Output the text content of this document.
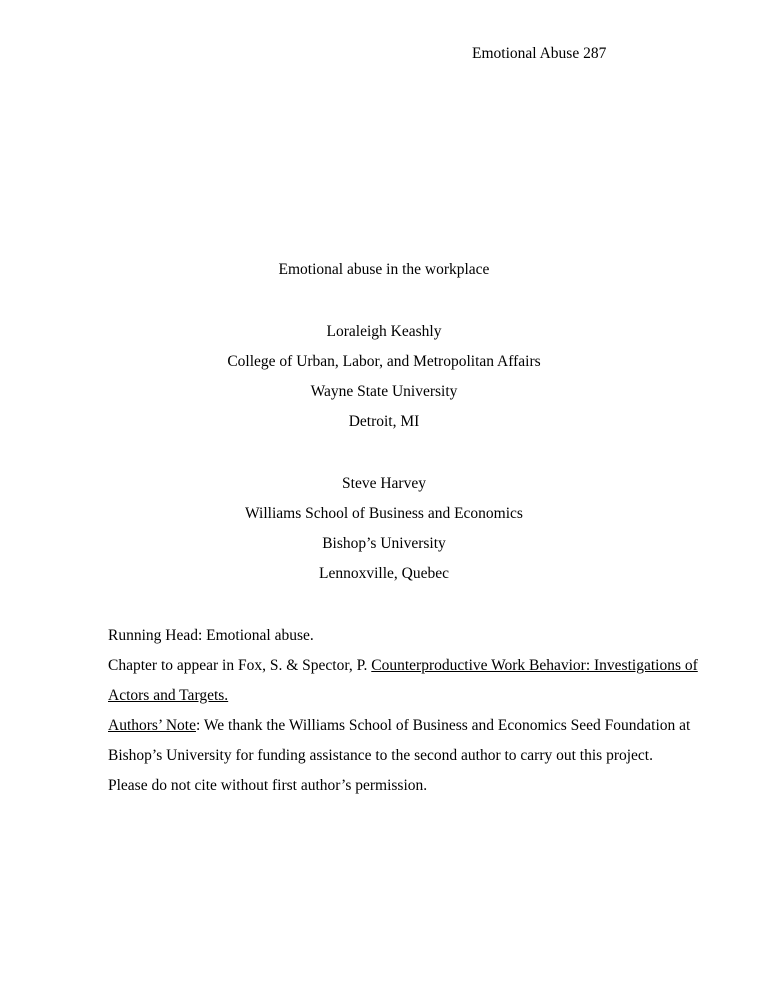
Emotional Abuse 287
Emotional abuse in the workplace
Loraleigh Keashly
College of Urban, Labor, and Metropolitan Affairs
Wayne State University
Detroit, MI
Steve Harvey
Williams School of Business and Economics
Bishop’s University
Lennoxville, Quebec
Running Head: Emotional abuse.
Chapter to appear in Fox, S. & Spector, P. Counterproductive Work Behavior: Investigations of
Actors and Targets.
Authors’ Note: We thank the Williams School of Business and Economics Seed Foundation at
Bishop’s University for funding assistance to the second author to carry out this project.
Please do not cite without first author’s permission.
